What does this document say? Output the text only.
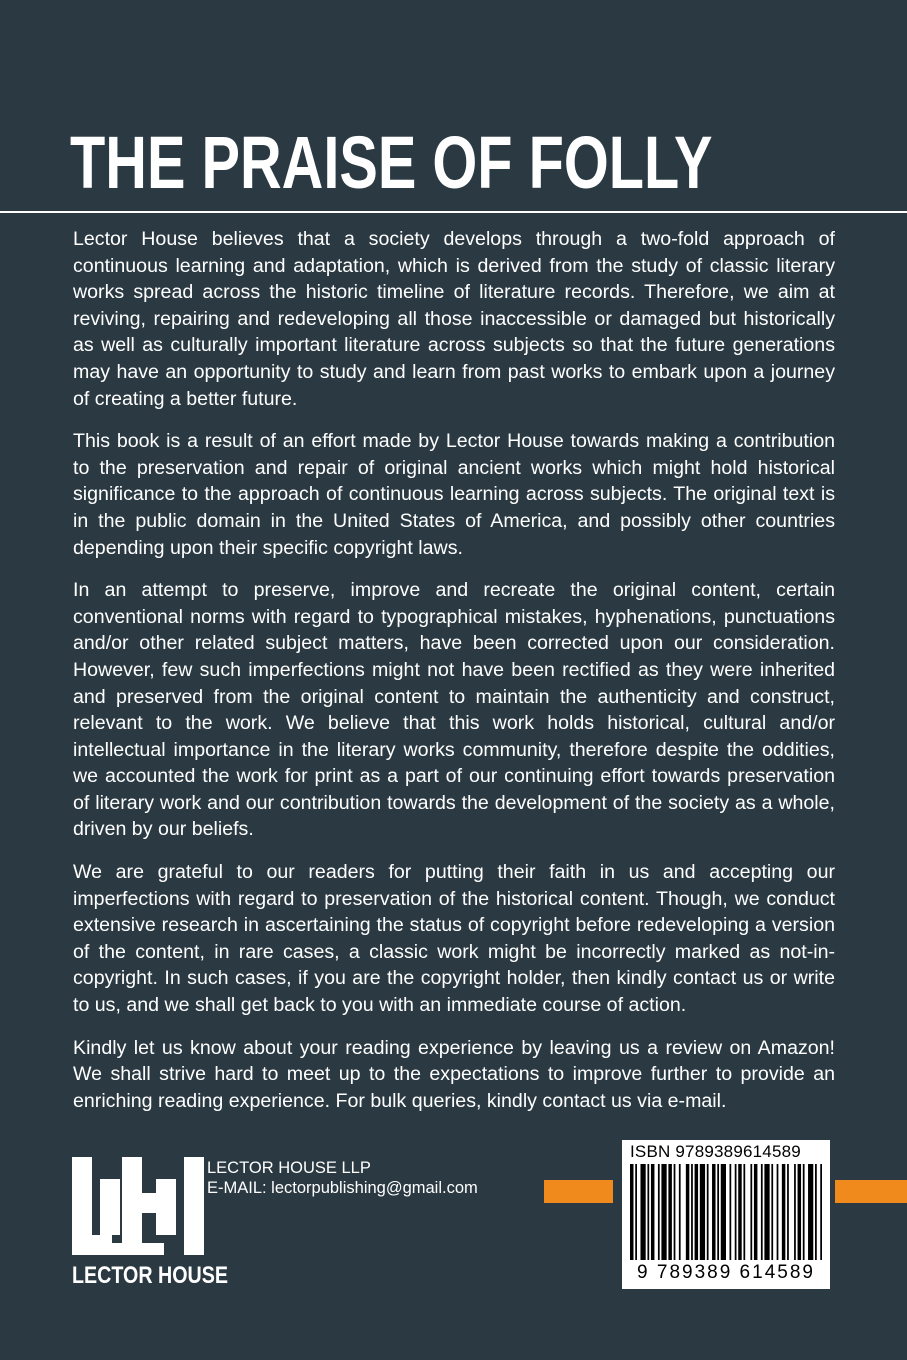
THE PRAISE OF FOLLY

Lector House believes that a society develops through a two-fold approach of continuous learning and adaptation, which is derived from the study of classic literary works spread across the historic timeline of literature records. Therefore, we aim at reviving, repairing and redeveloping all those inaccessible or damaged but historically as well as culturally important literature across subjects so that the future generations may have an opportunity to study and learn from past works to embark upon a journey of creating a better future.

This book is a result of an effort made by Lector House towards making a contribution to the preservation and repair of original ancient works which might hold historical significance to the approach of continuous learning across subjects. The original text is in the public domain in the United States of America, and possibly other countries depending upon their specific copyright laws.

In an attempt to preserve, improve and recreate the original content, certain conventional norms with regard to typographical mistakes, hyphenations, punctuations and/or other related subject matters, have been corrected upon our consideration. However, few such imperfections might not have been rectified as they were inherited and preserved from the original content to maintain the authenticity and construct, relevant to the work. We believe that this work holds historical, cultural and/or intellectual importance in the literary works community, therefore despite the oddities, we accounted the work for print as a part of our continuing effort towards preservation of literary work and our contribution towards the development of the society as a whole, driven by our beliefs.

We are grateful to our readers for putting their faith in us and accepting our imperfections with regard to preservation of the historical content. Though, we conduct extensive research in ascertaining the status of copyright before redeveloping a version of the content, in rare cases, a classic work might be incorrectly marked as not-in-copyright. In such cases, if you are the copyright holder, then kindly contact us or write to us, and we shall get back to you with an immediate course of action.

Kindly let us know about your reading experience by leaving us a review on Amazon! We shall strive hard to meet up to the expectations to improve further to provide an enriching reading experience. For bulk queries, kindly contact us via e-mail.

LECTOR HOUSE
LECTOR HOUSE LLP
E-MAIL: lectorpublishing@gmail.com
ISBN 9789389614589
9 789389 614589
